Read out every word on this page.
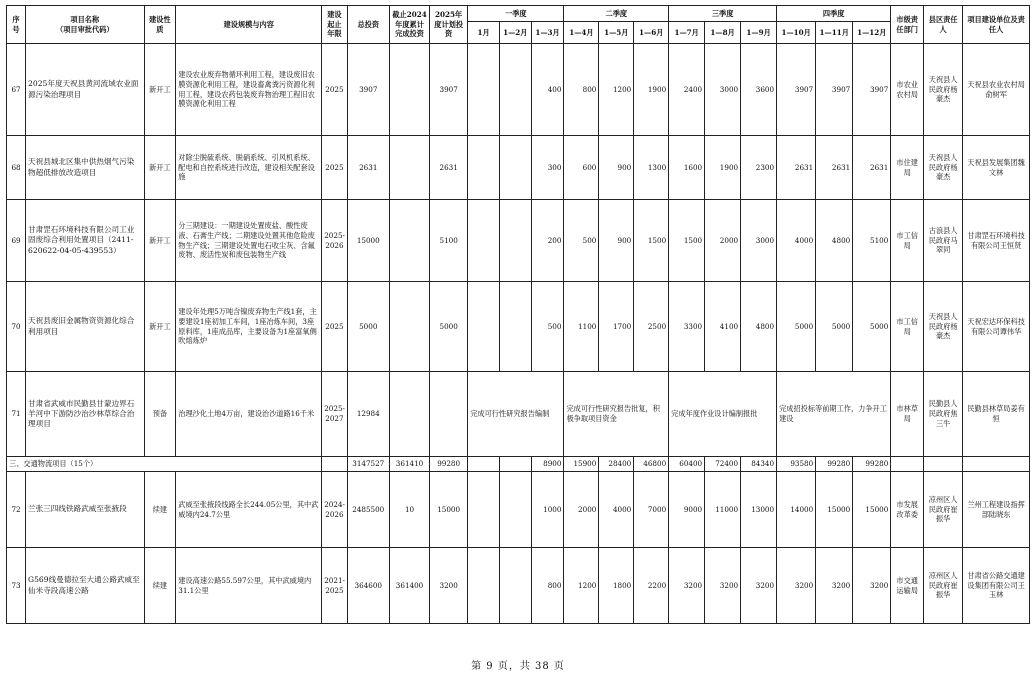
序号	项目名称
（项目审批代码）	建设性质	建设规模与内容	建设起止年限	总投资	截止2024年度累计完成投资	2025年度计划投资	一季度			二季度			三季度			四季度			市级责任部门	县区责任人	项目建设单位及责任人
								1月	1—2月	1—3月	1—4月	1—5月	1—6月	1—7月	1—8月	1—9月	1—10月	1—11月	1—12月			
67	2025年度天祝县黄河流域农业面源污染治理项目	新开工	建设农业废弃物循环利用工程，建设废旧农膜资源化利用工程，建设畜禽粪污资源化利用工程，建设农药包装废弃物治理工程旧农膜资源化利用工程	2025	3907		3907			400	800	1200	1900	2400	3000	3600	3907	3907	3907	市农业农村局	天祝县人民政府杨豪杰	天祝县农业农村局俞树军
68	天祝县城北区集中供热烟气污染物超低排放改造项目	新开工	对除尘脱硫系统、脱硝系统、引风机系统、配电和自控系统进行改造，建设相关配套设施	2025	2631		2631			300	600	900	1300	1600	1900	2300	2631	2631	2631	市住建局	天祝县人民政府杨豪杰	天祝县发展集团魏文林
69	甘肃罡石环境科技有限公司工业固废综合利用处置项目（2411-620622-04-05-439553）	新开工	分三期建设：一期建设处置废盐、酸性废液、石膏生产线；二期建设处置其他危险废物生产线；三期建设处置电石收尘灰、含氟废物、废活性炭和废包装物生产线	2025-2026	15000		5100			200	500	900	1500	1500	2000	3000	4000	4800	5100	市工信局	古浪县人民政府马翠同	甘肃罡石环境科技有限公司王恒贤
70	天祝县废旧金属物资资源化综合利用项目	新开工	建设年处理5万吨含镍废弃物生产线1套，主要建设1座初加工车间，1座冶炼车间，3座原料库，1座成品库，主要设备为1座富氧侧吹熔炼炉	2025	5000		5000			500	1100	1700	2500	3300	4100	4800	5000	5000	5000	市工信局	天祝县人民政府杨豪杰	天祝宏达环保科技有限公司谭伟华
71	甘肃省武威市民勤县甘蒙边界石羊河中下游防沙治沙林草综合治理项目	预备	治理沙化土地4万亩，建设治沙道路16千米	2025-2027	12984			完成可行性研究报告编制			完成可行性研究报告批复，积极争取项目资金			完成年度作业设计编制报批			完成招投标等前期工作，力争开工建设			市林草局	民勤县人民政府焦三牛	民勤县林草局姜有恒
三、交通物流项目（15个）					3147527	361410	99280			8900	15900	28400	46800	60400	72400	84340	93580	99280	99280			
72	兰张三四线铁路武威至张掖段	续建	武威至张掖段线路全长244.05公里，其中武威境内24.7公里	2024-2026	2485500	10	15000			1000	2000	4000	7000	9000	11000	13000	14000	15000	15000	市发展改革委	凉州区人民政府崔振华	兰州工程建设指挥部陆晓东
73	G569线曼德拉至大通公路武威至仙米寺段高速公路	续建	建设高速公路55.597公里，其中武威境内31.1公里	2021-2025	364600	361400	3200			800	1200	1800	2200	3200	3200	3200	3200	3200	3200	市交通运输局	凉州区人民政府崔振华	甘肃省公路交通建设集团有限公司王玉林
第 9 页，共 38 页
